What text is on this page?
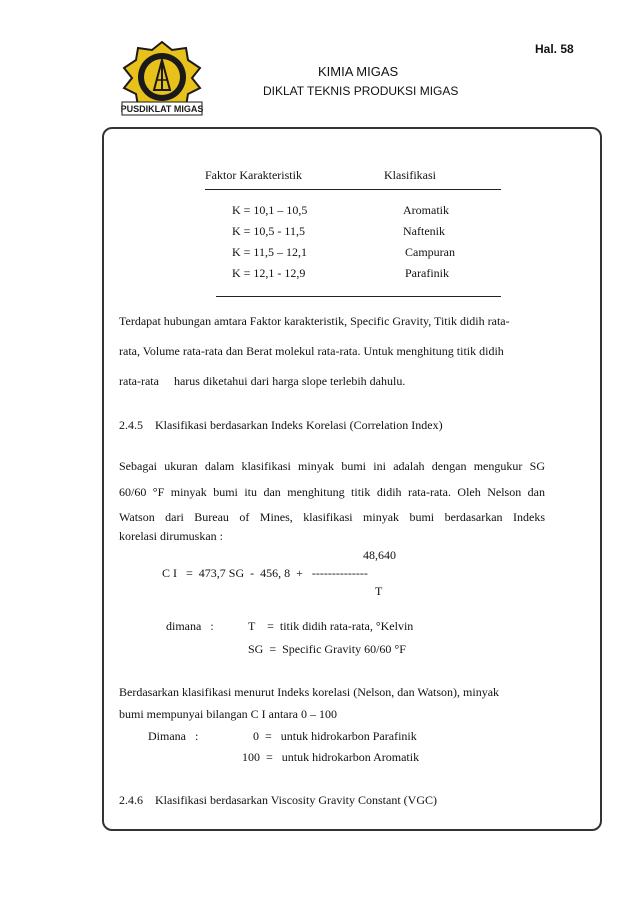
Hal. 58
KIMIA MIGAS
DIKLAT TEKNIS PRODUKSI MIGAS
PUSDIKLAT MIGAS
Faktor Karakteristik	Klasifikasi
K = 10,1 – 10,5	Aromatik
K = 10,5 - 11,5	Naftenik
K = 11,5 – 12,1	Campuran
K = 12,1 - 12,9	Parafinik
Terdapat hubungan amtara Faktor karakteristik, Specific Gravity, Titik didih rata-
rata, Volume rata-rata dan Berat molekul rata-rata. Untuk menghitung titik didih
rata-rata     harus diketahui dari harga slope terlebih dahulu.
2.4.5    Klasifikasi berdasarkan Indeks Korelasi (Correlation Index)
Sebagai ukuran dalam klasifikasi minyak bumi ini adalah dengan mengukur SG
60/60 °F minyak bumi itu dan menghitung titik didih rata-rata. Oleh Nelson dan
Watson dari Bureau of Mines, klasifikasi minyak bumi berdasarkan Indeks
korelasi dirumuskan :
48,640
C I   =  473,7 SG  -  456, 8  +   --------------
T
dimana   :	T    =  titik didih rata-rata, °Kelvin
SG  =  Specific Gravity 60/60 °F
Berdasarkan klasifikasi menurut Indeks korelasi (Nelson, dan Watson), minyak
bumi mempunyai bilangan C I antara 0 – 100
Dimana   :	0  =   untuk hidrokarbon Parafinik
100  =   untuk hidrokarbon Aromatik
2.4.6    Klasifikasi berdasarkan Viscosity Gravity Constant (VGC)
